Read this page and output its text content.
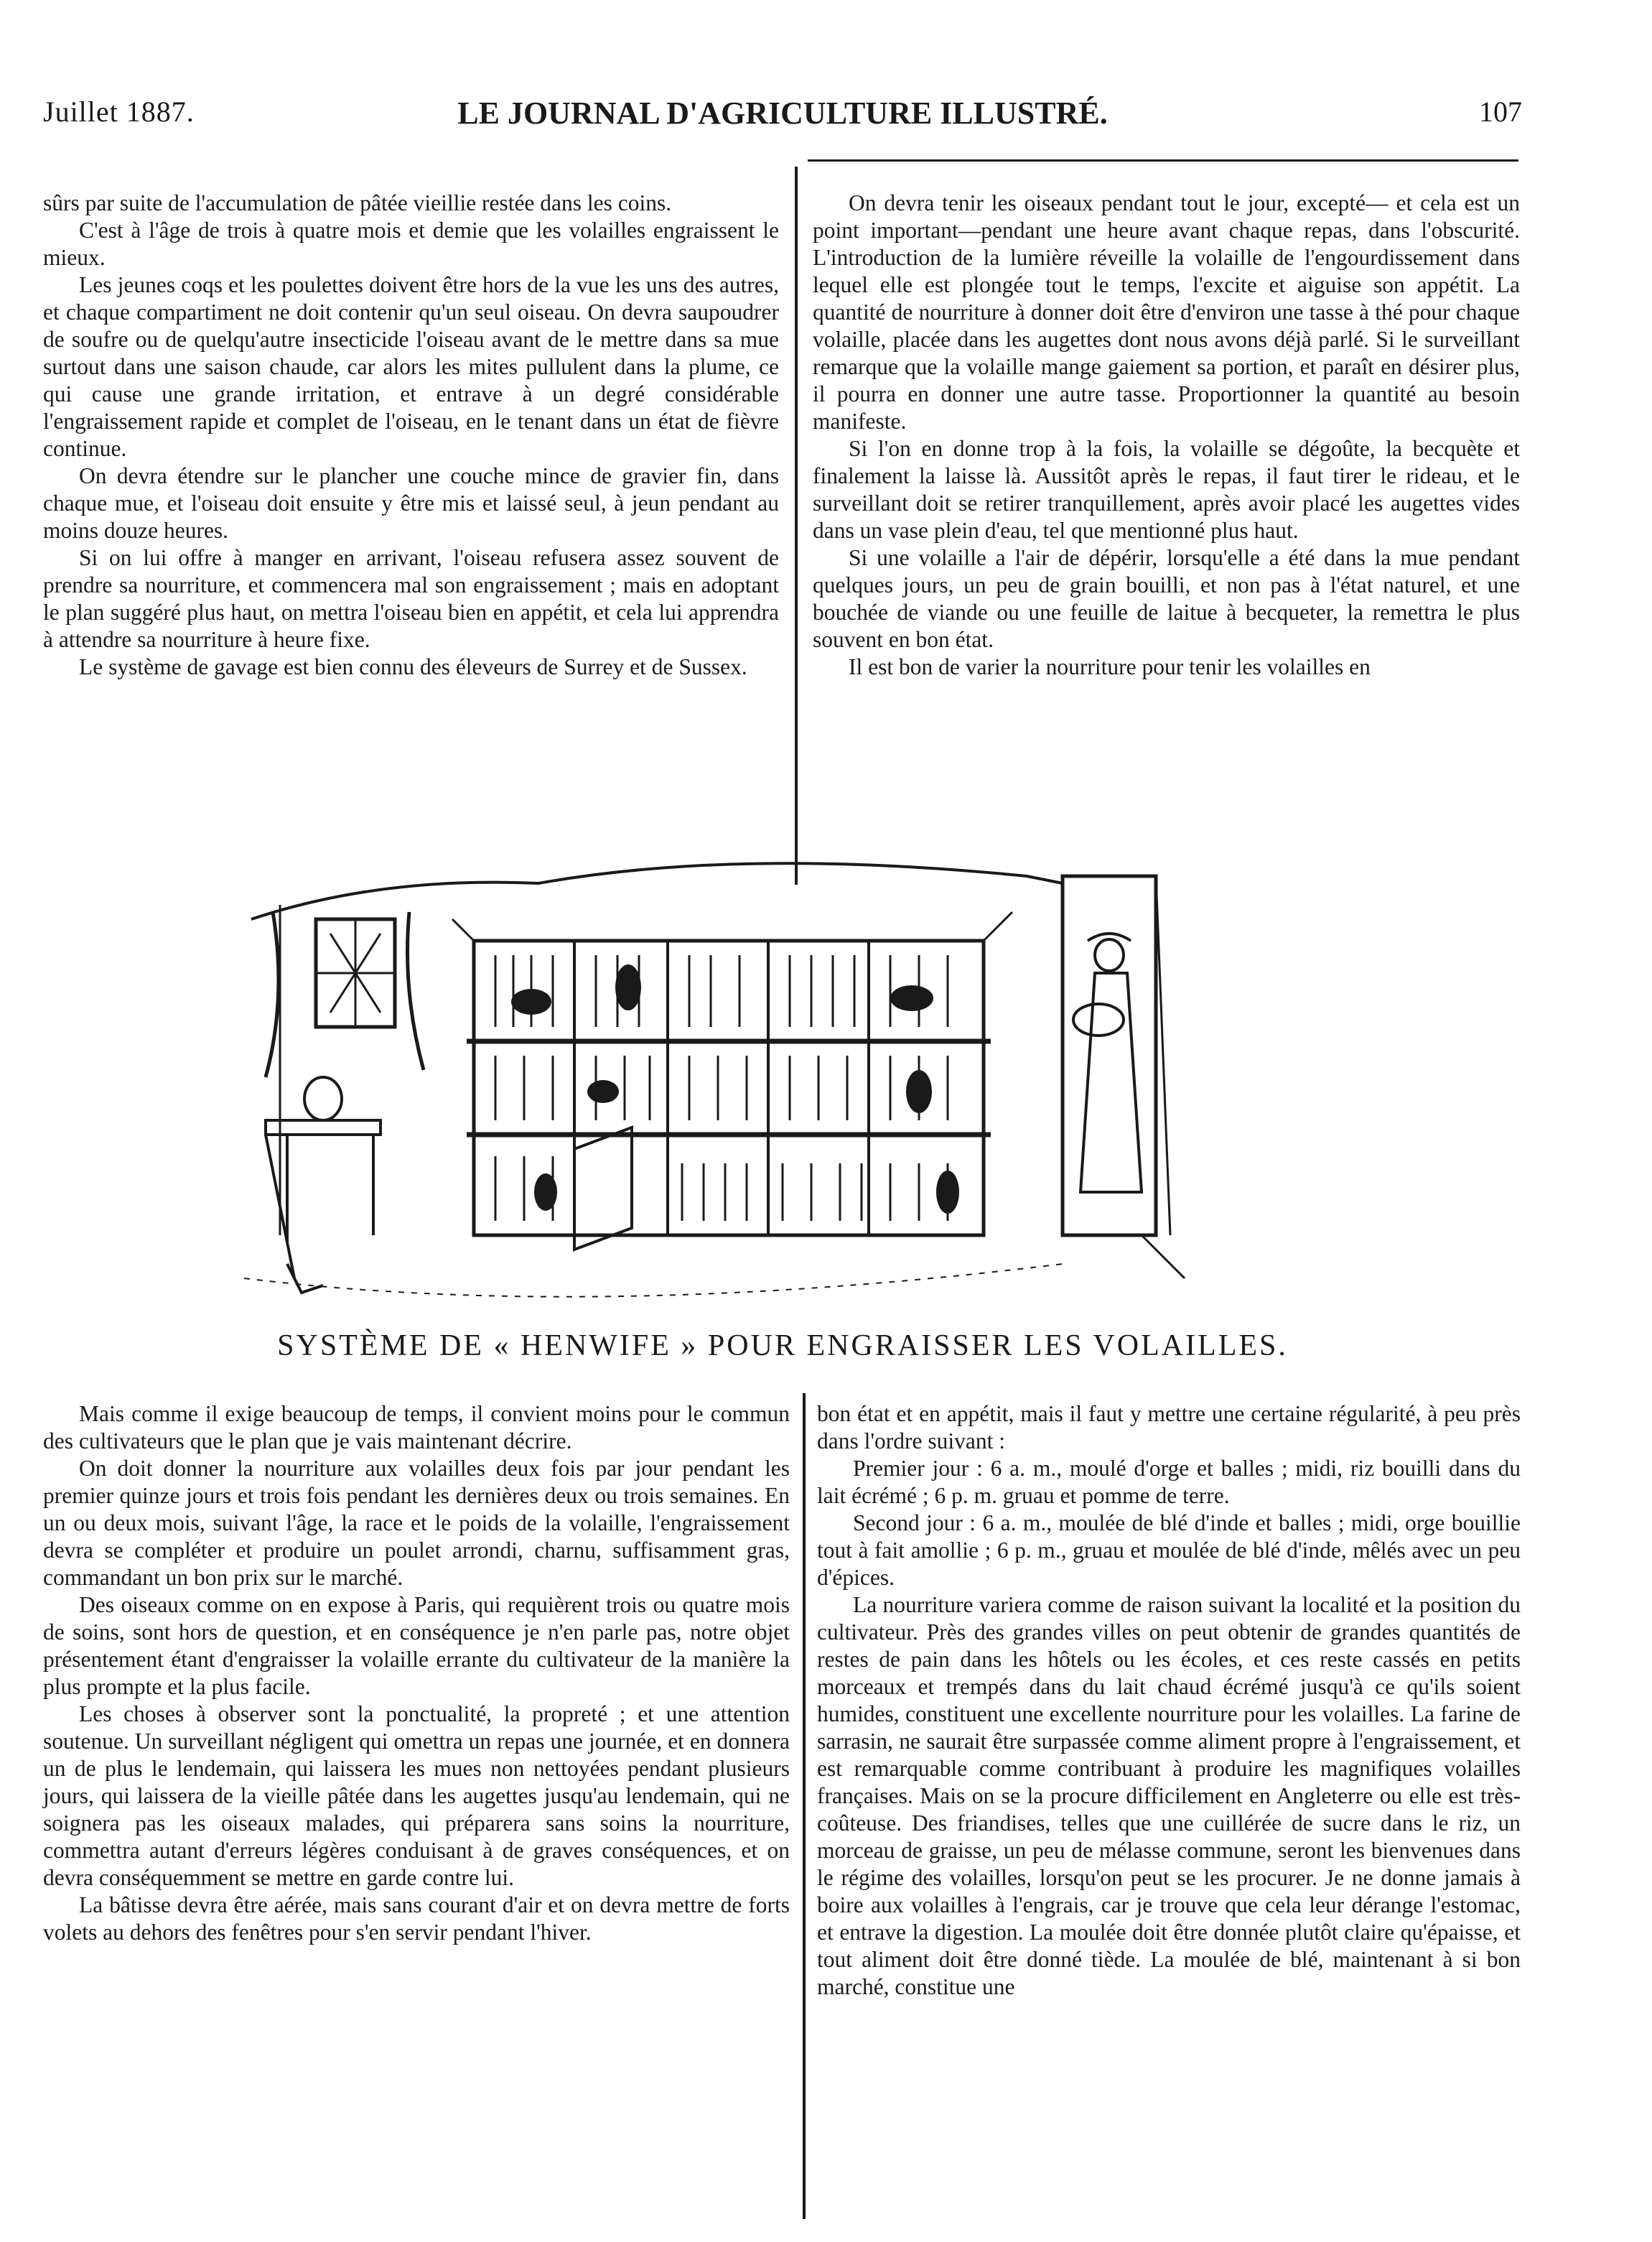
Juillet 1887.	LE JOURNAL D'AGRICULTURE ILLUSTRÉ.	107

sûrs par suite de l'accumulation de pâtée vieillie restée dans les coins.

C'est à l'âge de trois à quatre mois et demie que les volailles engraissent le mieux.

Les jeunes coqs et les poulettes doivent être hors de la vue les uns des autres, et chaque compartiment ne doit contenir qu'un seul oiseau. On devra saupoudrer de soufre ou de quelqu'autre insecticide l'oiseau avant de le mettre dans sa mue surtout dans une saison chaude, car alors les mites pullulent dans la plume, ce qui cause une grande irritation, et entrave à un degré considérable l'engraissement rapide et complet de l'oiseau, en le tenant dans un état de fièvre continue.

On devra étendre sur le plancher une couche mince de gravier fin, dans chaque mue, et l'oiseau doit ensuite y être mis et laissé seul, à jeun pendant au moins douze heures.

Si on lui offre à manger en arrivant, l'oiseau refusera assez souvent de prendre sa nourriture, et commencera mal son engraissement ; mais en adoptant le plan suggéré plus haut, on mettra l'oiseau bien en appétit, et cela lui apprendra à attendre sa nourriture à heure fixe.

Le système de gavage est bien connu des éleveurs de Surrey et de Sussex.

On devra tenir les oiseaux pendant tout le jour, excepté— et cela est un point important—pendant une heure avant chaque repas, dans l'obscurité. L'introduction de la lumière réveille la volaille de l'engourdissement dans lequel elle est plongée tout le temps, l'excite et aiguise son appétit. La quantité de nourriture à donner doit être d'environ une tasse à thé pour chaque volaille, placée dans les augettes dont nous avons déjà parlé. Si le surveillant remarque que la volaille mange gaiement sa portion, et paraît en désirer plus, il pourra en donner une autre tasse. Proportionner la quantité au besoin manifeste.

Si l'on en donne trop à la fois, la volaille se dégoûte, la becquète et finalement la laisse là. Aussitôt après le repas, il faut tirer le rideau, et le surveillant doit se retirer tranquillement, après avoir placé les augettes vides dans un vase plein d'eau, tel que mentionné plus haut.

Si une volaille a l'air de dépérir, lorsqu'elle a été dans la mue pendant quelques jours, un peu de grain bouilli, et non pas à l'état naturel, et une bouchée de viande ou une feuille de laitue à becqueter, la remettra le plus souvent en bon état.

Il est bon de varier la nourriture pour tenir les volailles en

SYSTÈME DE « HENWIFE » POUR ENGRAISSER LES VOLAILLES.

Mais comme il exige beaucoup de temps, il convient moins pour le commun des cultivateurs que le plan que je vais maintenant décrire.

On doit donner la nourriture aux volailles deux fois par jour pendant les premier quinze jours et trois fois pendant les dernières deux ou trois semaines. En un ou deux mois, suivant l'âge, la race et le poids de la volaille, l'engraissement devra se compléter et produire un poulet arrondi, charnu, suffisamment gras, commandant un bon prix sur le marché.

Des oiseaux comme on en expose à Paris, qui requièrent trois ou quatre mois de soins, sont hors de question, et en conséquence je n'en parle pas, notre objet présentement étant d'engraisser la volaille errante du cultivateur de la manière la plus prompte et la plus facile.

Les choses à observer sont la ponctualité, la propreté ; et une attention soutenue. Un surveillant négligent qui omettra un repas une journée, et en donnera un de plus le lendemain, qui laissera les mues non nettoyées pendant plusieurs jours, qui laissera de la vieille pâtée dans les augettes jusqu'au lendemain, qui ne soignera pas les oiseaux malades, qui préparera sans soins la nourriture, commettra autant d'erreurs légères conduisant à de graves conséquences, et on devra conséquemment se mettre en garde contre lui.

La bâtisse devra être aérée, mais sans courant d'air et on devra mettre de forts volets au dehors des fenêtres pour s'en servir pendant l'hiver.

bon état et en appétit, mais il faut y mettre une certaine régularité, à peu près dans l'ordre suivant :

Premier jour : 6 a. m., moulé d'orge et balles ; midi, riz bouilli dans du lait écrémé ; 6 p. m. gruau et pomme de terre.

Second jour : 6 a. m., moulée de blé d'inde et balles ; midi, orge bouillie tout à fait amollie ; 6 p. m., gruau et moulée de blé d'inde, mêlés avec un peu d'épices.

La nourriture variera comme de raison suivant la localité et la position du cultivateur. Près des grandes villes on peut obtenir de grandes quantités de restes de pain dans les hôtels ou les écoles, et ces reste cassés en petits morceaux et trempés dans du lait chaud écrémé jusqu'à ce qu'ils soient humides, constituent une excellente nourriture pour les volailles. La farine de sarrasin, ne saurait être surpassée comme aliment propre à l'engraissement, et est remarquable comme contribuant à produire les magnifiques volailles françaises. Mais on se la procure difficilement en Angleterre ou elle est très-coûteuse. Des friandises, telles que une cuillérée de sucre dans le riz, un morceau de graisse, un peu de mélasse commune, seront les bienvenues dans le régime des volailles, lorsqu'on peut se les procurer. Je ne donne jamais à boire aux volailles à l'engrais, car je trouve que cela leur dérange l'estomac, et entrave la digestion. La moulée doit être donnée plutôt claire qu'épaisse, et tout aliment doit être donné tiède. La moulée de blé, maintenant à si bon marché, constitue une
